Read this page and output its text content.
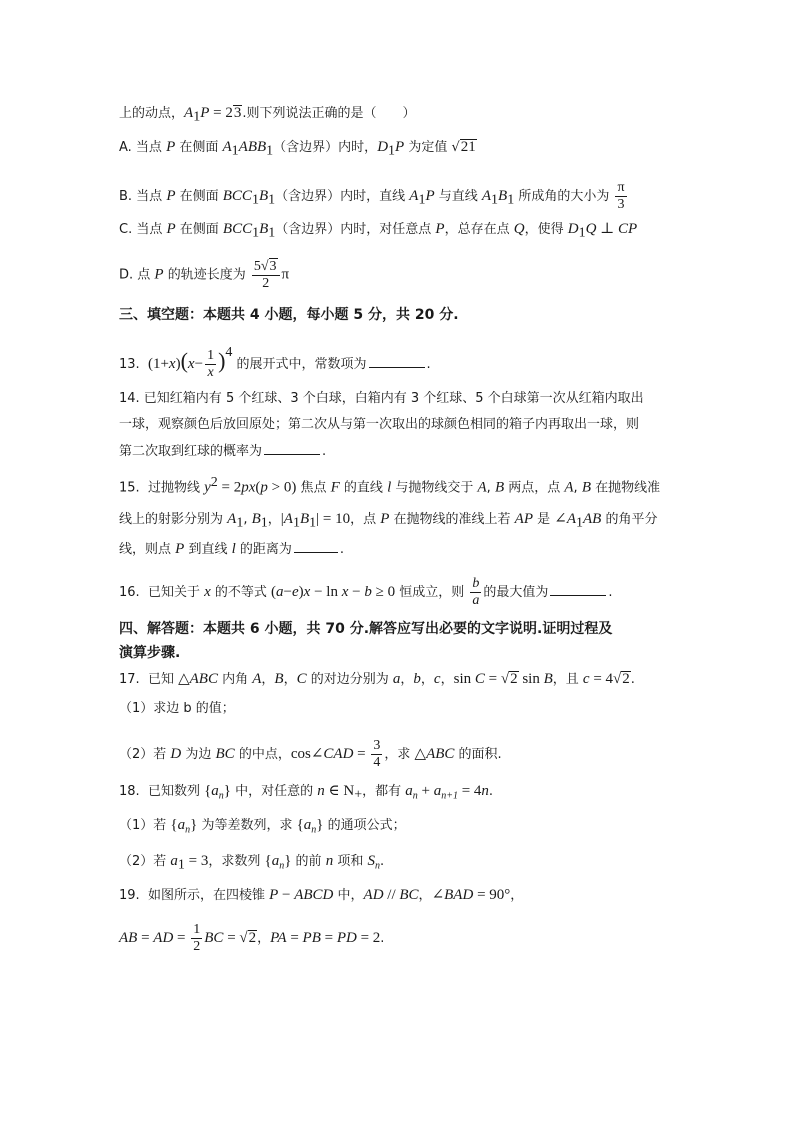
上的动点，$A_1P = 23$.则下列说法正确的是（　　）
A. 当点 P 在侧面 $A_1ABB_1$（含边界）内时，$D_1P$ 为定值 √21
B. 当点 P 在侧面 $BCC_1B_1$（含边界）内时，直线 $A_1P$ 与直线 $A_1B_1$ 所成角的大小为 $\frac{\pi}{3}$
C. 当点 P 在侧面 $BCC_1B_1$（含边界）内时，对任意点 P，总存在点 Q，使得 $D_1Q$ ⊥ CP
D. 点 P 的轨迹长度为 $\frac{5√3}{2}$ π
三、填空题：本题共 4 小题，每小题 5 分，共 20 分.
13.  $(1+x)(x- \frac{1}{x} )^4$ 的展开式中，常数项为	.
14. 已知红箱内有 5 个红球、3 个白球，白箱内有 3 个红球、5 个白球第一次从红箱内取出
一球，观察颜色后放回原处；第二次从与第一次取出的球颜色相同的箱子内再取出一球，则
第二次取到红球的概率为	.
15.  过抛物线 $y^2 = 2px(p > 0)$ 焦点 F 的直线 l 与抛物线交于 A, B 两点，点 A, B 在抛物线准
线上的射影分别为 $A_1$, $B_1$，$|A_1B_1| = 10$，点 P 在抛物线的准线上若 AP 是 $\angle A_1AB$ 的角平分
线，则点 P 到直线 l 的距离为	.
16.  已知关于 x 的不等式 (a−e)x − ln x − b ≥ 0 恒成立，则 $\frac{b}{a}$ 的最大值为	.
四、解答题：本题共 6 小题，共 70 分.解答应写出必要的文字说明.证明过程及
演算步骤.
17.  已知 △ABC 内角 A，B，C 的对边分别为 a，b，c，sin C = √2 sin B，且 c = 4√2.
（1）求边 b 的值；
（2）若 D 为边 BC 的中点，cos∠CAD = $\frac{3}{4}$ ，求 △ABC 的面积.
18.  已知数列 $\{a_n\}$ 中，对任意的 n ∈ $N_+$，都有 $a_n + a_{n+1} = 4n$.
（1）若 $\{a_n\}$ 为等差数列，求 $\{a_n\}$ 的通项公式；
（2）若 $a_1 = 3$，求数列 $\{a_n\}$ 的前 n 项和 $S_n$.
19.  如图所示，在四棱锥 P − ABCD 中，AD // BC，∠BAD = 90°，
AB = AD = $\frac{1}{2}$ BC = √2，PA = PB = PD = 2.
